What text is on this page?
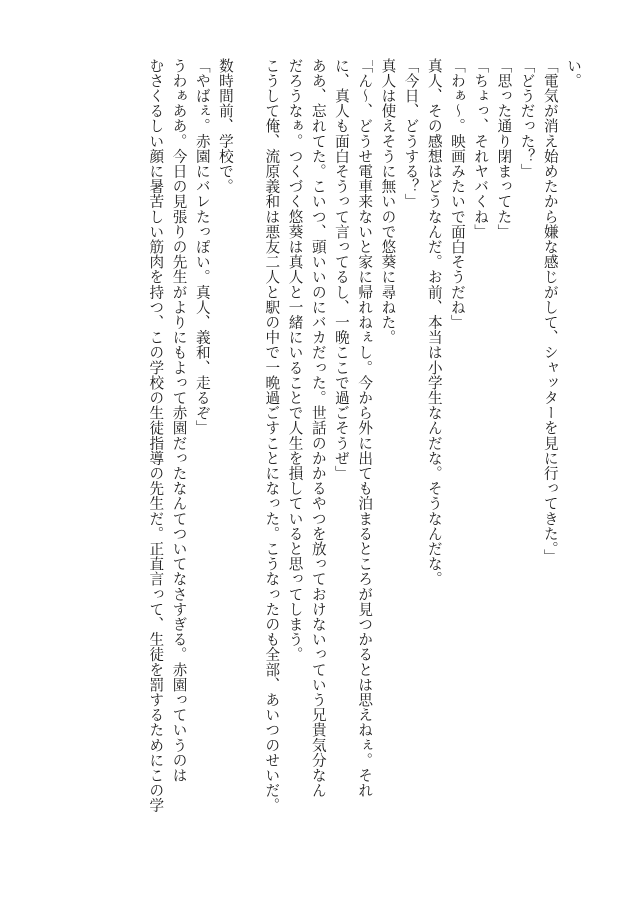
い。
「電気が消え始めたから嫌な感じがして、シャッターを見に行ってきた。」
「どうだった？」
「思った通り閉まってた」
「ちょっ、それヤバくね」
「わぁ～。映画みたいで面白そうだね」
真人、その感想はどうなんだ。お前、本当は小学生なんだな。そうなんだな。
「今日、どうする？」
真人は使えそうに無いので悠葵に尋ねた。
「ん～、どうせ電車来ないと家に帰れねぇし。今から外に出ても泊まるところが見つかるとは思えねぇ。それ
に、真人も面白そうって言ってるし、一晩ここで過ごそうぜ」
ああ、忘れてた。こいつ、頭いいのにバカだった。世話のかかるやつを放っておけないっていう兄貴気分なん
だろうなぁ。つくづく悠葵は真人と一緒にいることで人生を損していると思ってしまう。
こうして俺、流原義和は悪友二人と駅の中で一晩過ごすことになった。こうなったのも全部、あいつのせいだ。
数時間前、学校で。
「やばぇ。赤園にバレたっぽい。真人、義和、走るぞ」
うわぁああ。今日の見張りの先生がよりにもよって赤園だったなんてついてなさすぎる。赤園っていうのは
むさくるしい顔に暑苦しい筋肉を持つ、この学校の生徒指導の先生だ。正直言って、生徒を罰するためにこの学
